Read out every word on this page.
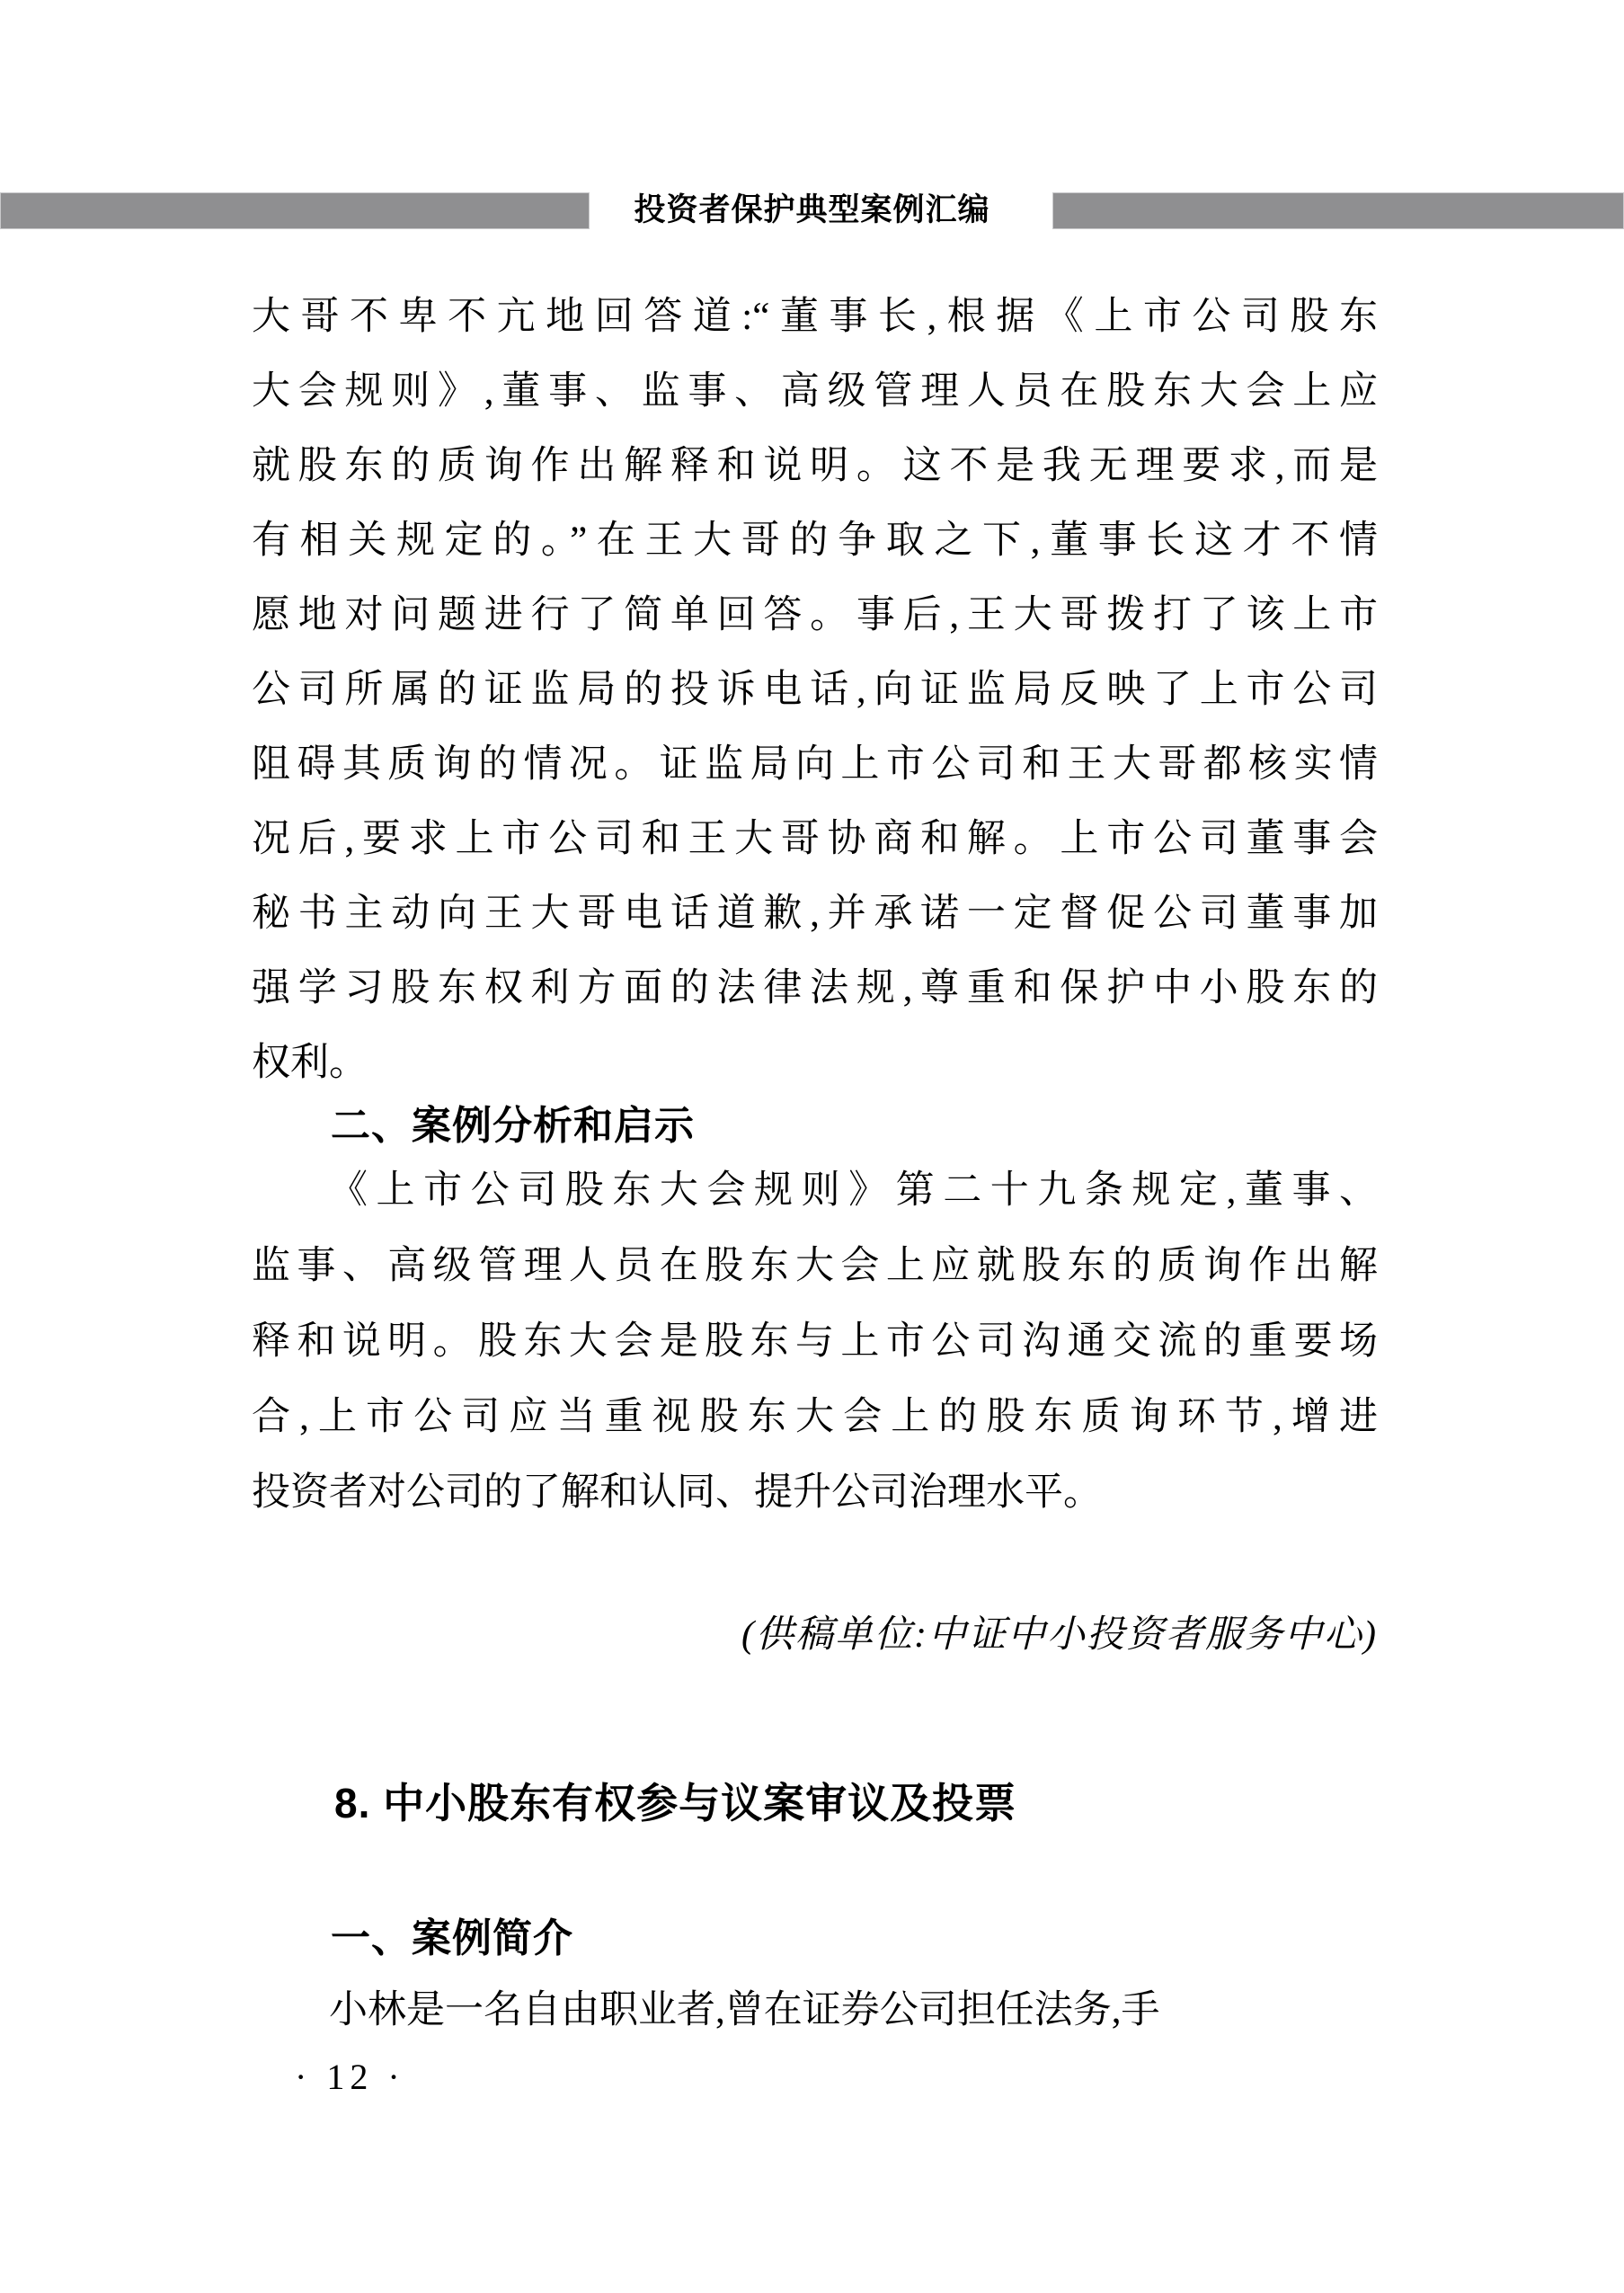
投资者保护典型案例汇编
大哥不卑不亢地回答道:“董事长,根据《上市公司股东
大会规则》,董事、监事、高级管理人员在股东大会上应
就股东的质询作出解释和说明。这不是我无理要求,而是
有相关规定的。”在王大哥的争取之下,董事长这才不情
愿地对问题进行了简单回答。事后,王大哥拨打了该上市
公司所属的证监局的投诉电话,向证监局反映了上市公司
阻碍其质询的情况。证监局向上市公司和王大哥都核实情
况后,要求上市公司和王大哥协商和解。上市公司董事会
秘书主动向王大哥电话道歉,并承诺一定督促公司董事加
强学习股东权利方面的法律法规,尊重和保护中小股东的
权利。
二、案例分析和启示
《上市公司股东大会规则》第二十九条规定,董事、
监事、高级管理人员在股东大会上应就股东的质询作出解
释和说明。股东大会是股东与上市公司沟通交流的重要场
合,上市公司应当重视股东大会上的股东质询环节,增进
投资者对公司的了解和认同、提升公司治理水平。
(供稿单位:中证中小投资者服务中心)
8. 中小股东有权参与议案审议及投票
一、案例简介
小林是一名自由职业者,曾在证券公司担任法务,手
· 12 ·
